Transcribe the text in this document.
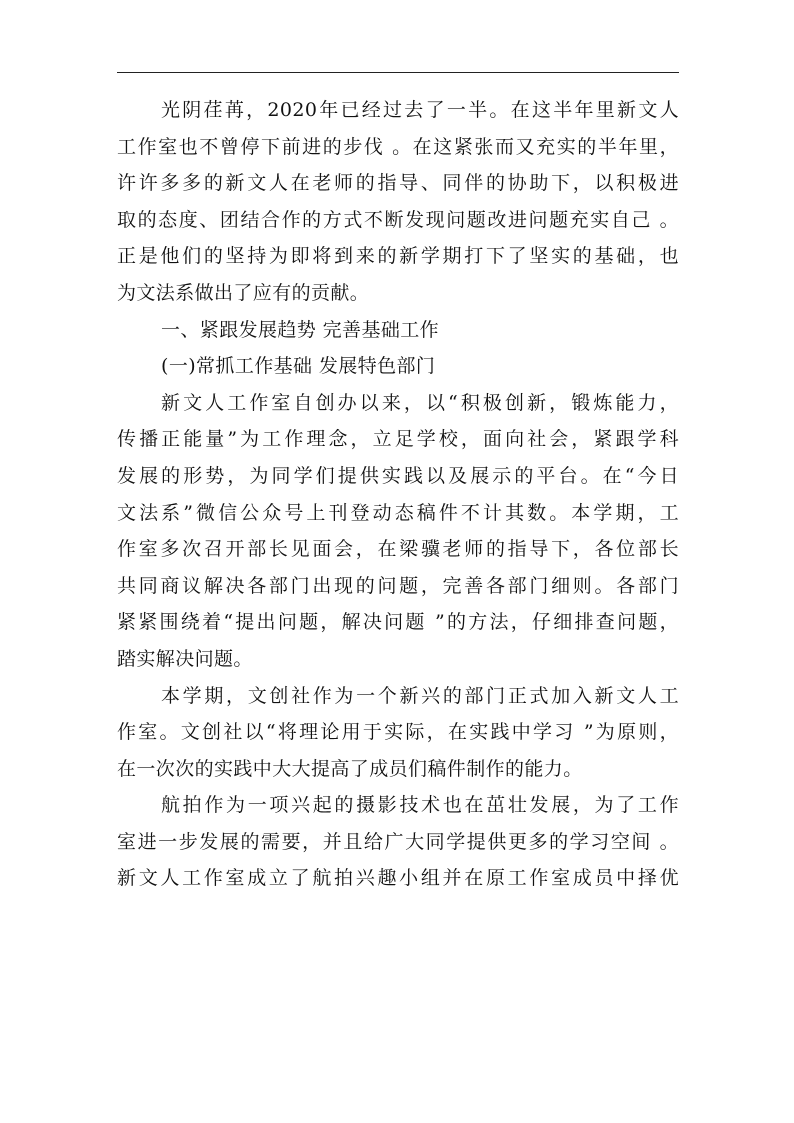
光阴荏苒，2020年已经过去了一半。在这半年里新文人
工作室也不曾停下前进的步伐 。在这紧张而又充实的半年里，
许许多多的新文人在老师的指导、同伴的协助下，以积极进
取的态度、团结合作的方式不断发现问题改进问题充实自己 。
正是他们的坚持为即将到来的新学期打下了坚实的基础，也
为文法系做出了应有的贡献。
一、紧跟发展趋势 完善基础工作
(一)常抓工作基础 发展特色部门
新文人工作室自创办以来，以“积极创新，锻炼能力，
传播正能量”为工作理念，立足学校，面向社会，紧跟学科
发展的形势，为同学们提供实践以及展示的平台。在“今日
文法系”微信公众号上刊登动态稿件不计其数。本学期，工
作室多次召开部长见面会，在梁骥老师的指导下，各位部长
共同商议解决各部门出现的问题，完善各部门细则。各部门
紧紧围绕着“提出问题，解决问题 ”的方法，仔细排查问题，
踏实解决问题。
本学期，文创社作为一个新兴的部门正式加入新文人工
作室。文创社以“将理论用于实际，在实践中学习 ”为原则，
在一次次的实践中大大提高了成员们稿件制作的能力。
航拍作为一项兴起的摄影技术也在茁壮发展，为了工作
室进一步发展的需要，并且给广大同学提供更多的学习空间 。
新文人工作室成立了航拍兴趣小组并在原工作室成员中择优
